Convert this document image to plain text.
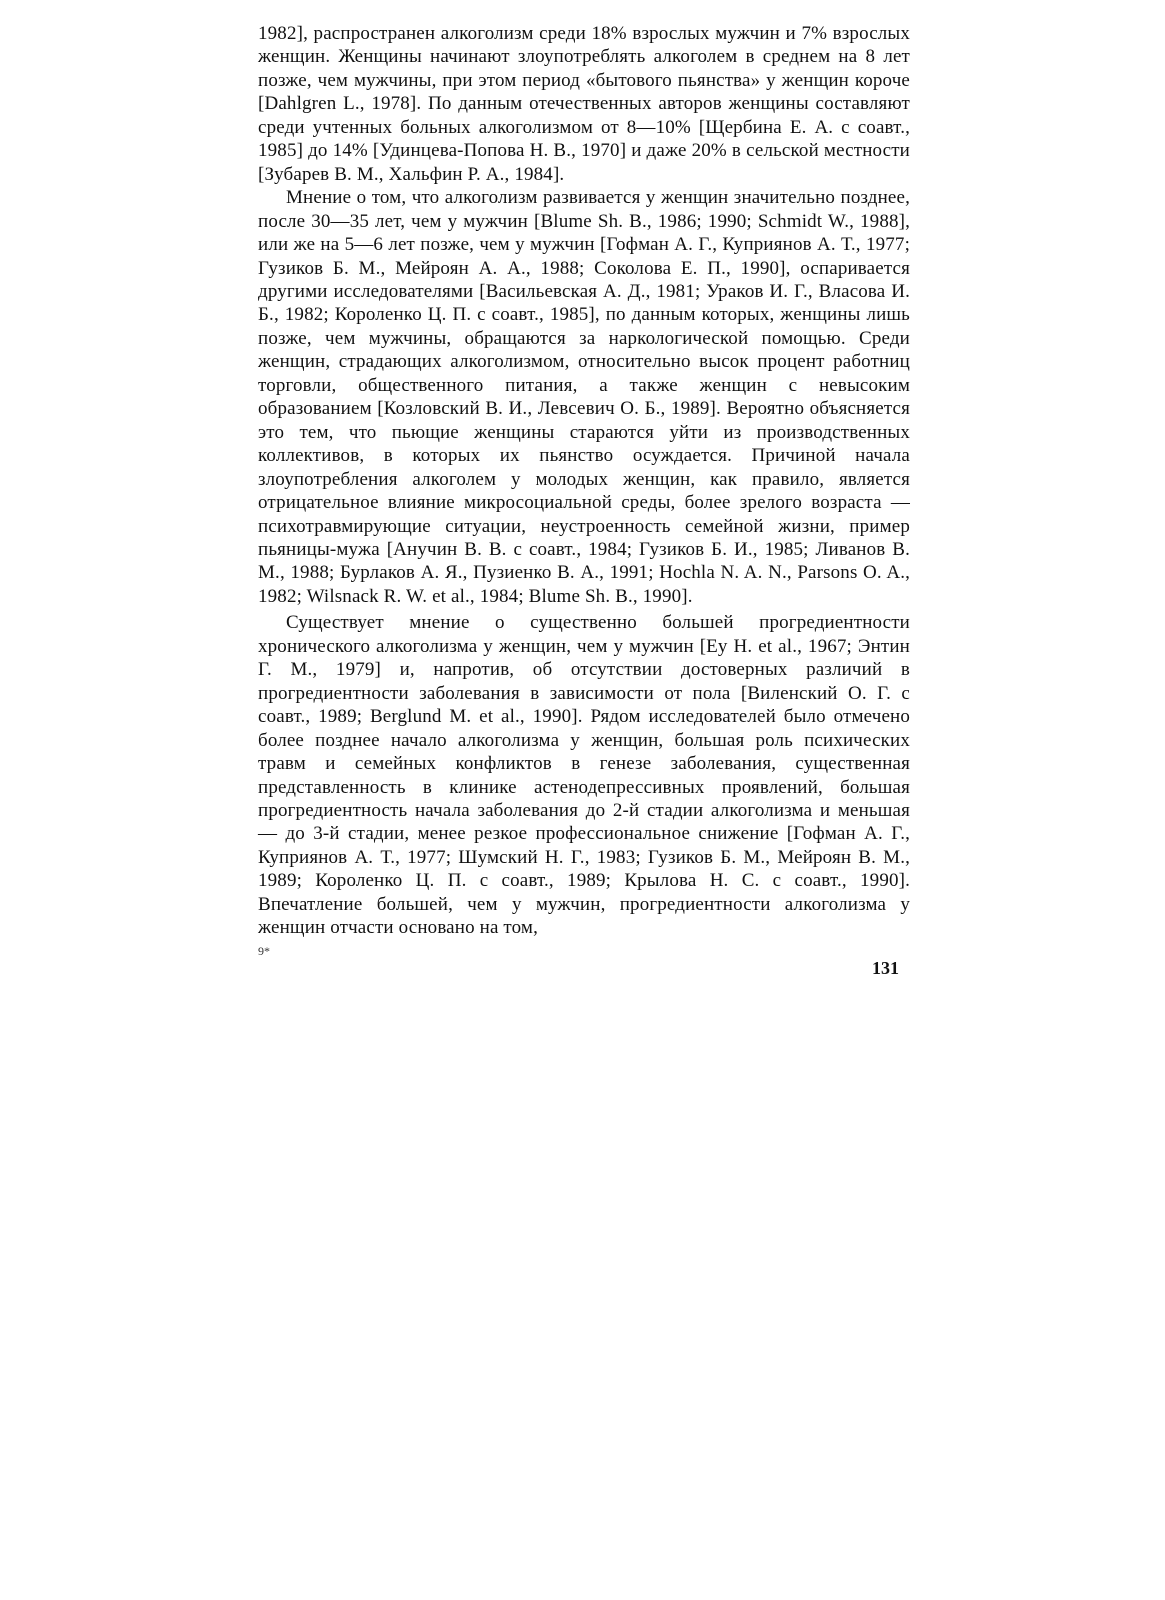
1982], распространен алкоголизм среди 18% взрослых мужчин и 7% взрослых женщин. Женщины начинают злоупотреблять алкоголем в среднем на 8 лет позже, чем мужчины, при этом период «бытового пьянства» у женщин короче [Dahlgren L., 1978]. По данным отечественных авторов женщины составляют среди учтенных больных алкоголизмом от 8—10% [Щербина Е. А. с соавт., 1985] до 14% [Удинцева-Попова Н. В., 1970] и даже 20% в сельской местности [Зубарев В. М., Хальфин Р. А., 1984].

Мнение о том, что алкоголизм развивается у женщин значительно позднее, после 30—35 лет, чем у мужчин [Blume Sh. B., 1986; 1990; Schmidt W., 1988], или же на 5—6 лет позже, чем у мужчин [Гофман А. Г., Куприянов А. Т., 1977; Гузиков Б. М., Мейроян А. А., 1988; Соколова Е. П., 1990], оспаривается другими исследователями [Васильевская А. Д., 1981; Ураков И. Г., Власова И. Б., 1982; Короленко Ц. П. с соавт., 1985], по данным которых, женщины лишь позже, чем мужчины, обращаются за наркологической помощью. Среди женщин, страдающих алкоголизмом, относительно высок процент работниц торговли, общественного питания, а также женщин с невысоким образованием [Козловский В. И., Левсевич О. Б., 1989]. Вероятно объясняется это тем, что пьющие женщины стараются уйти из производственных коллективов, в которых их пьянство осуждается. Причиной начала злоупотребления алкоголем у молодых женщин, как правило, является отрицательное влияние микросоциальной среды, более зрелого возраста — психотравмирующие ситуации, неустроенность семейной жизни, пример пьяницы-мужа [Анучин В. В. с соавт., 1984; Гузиков Б. И., 1985; Ливанов В. М., 1988; Бурлаков А. Я., Пузиенко В. А., 1991; Hochla N. A. N., Parsons O. A., 1982; Wilsnack R. W. et al., 1984; Blume Sh. B., 1990].

Существует мнение о существенно большей прогредиентности хронического алкоголизма у женщин, чем у мужчин [Ey H. et al., 1967; Энтин Г. М., 1979] и, напротив, об отсутствии достоверных различий в прогредиентности заболевания в зависимости от пола [Виленский О. Г. с соавт., 1989; Berglund M. et al., 1990]. Рядом исследователей было отмечено более позднее начало алкоголизма у женщин, большая роль психических травм и семейных конфликтов в генезе заболевания, существенная представленность в клинике астенодепрессивных проявлений, большая прогредиентность начала заболевания до 2-й стадии алкоголизма и меньшая — до 3-й стадии, менее резкое профессиональное снижение [Гофман А. Г., Куприянов А. Т., 1977; Шумский Н. Г., 1983; Гузиков Б. М., Мейроян В. М., 1989; Короленко Ц. П. с соавт., 1989; Крылова Н. С. с соавт., 1990]. Впечатление большей, чем у мужчин, прогредиентности алкоголизма у женщин отчасти основано на том,

9*
131
